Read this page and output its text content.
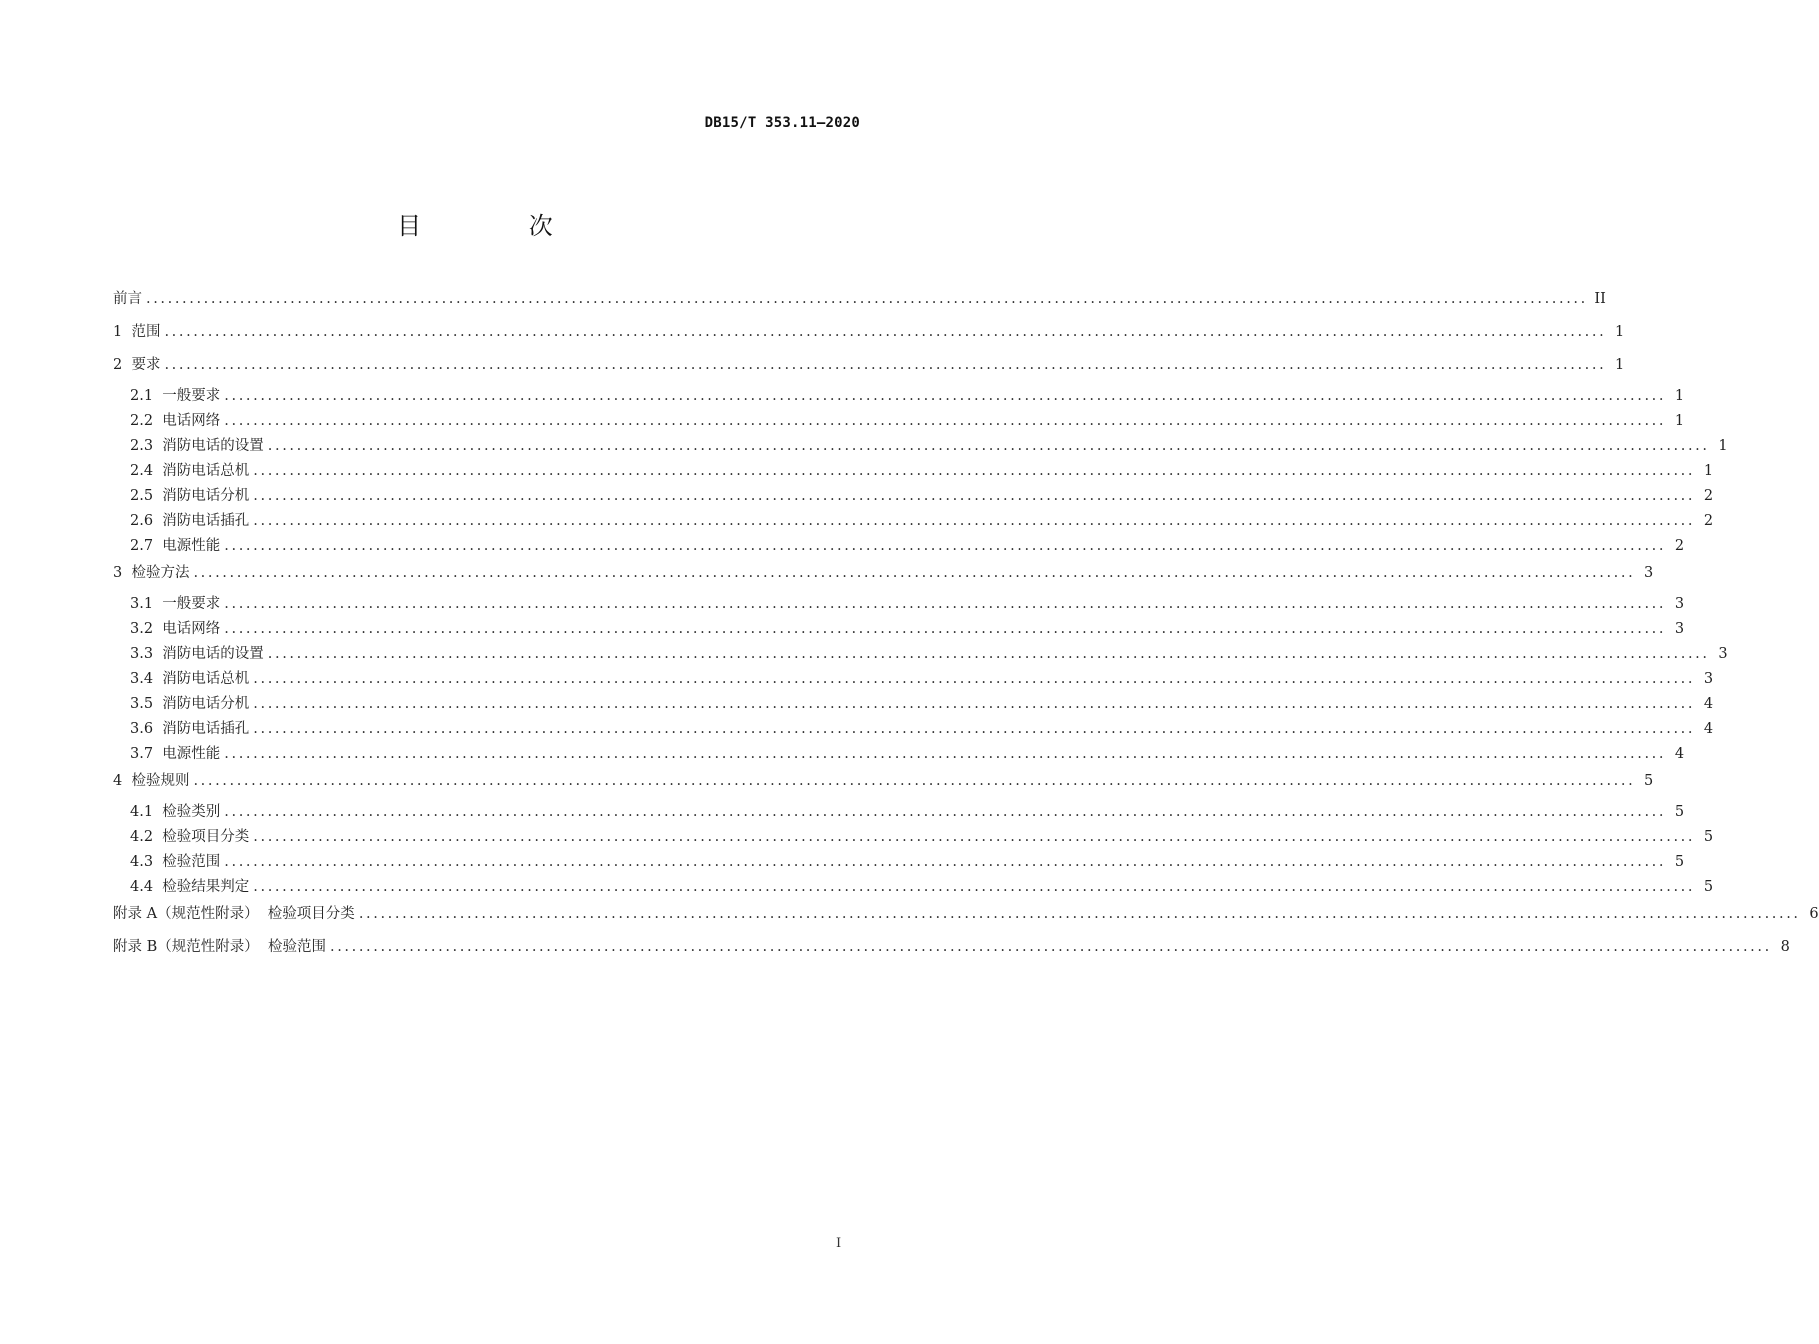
DB15/T 353.11—2020
目 次
前言 ........................................................................................................................................................................................................ II
1  范围 ........................................................................................................................................................................................................ 1
2  要求 ........................................................................................................................................................................................................ 1
2.1  一般要求 ........................................................................................................................................................................................................ 1
2.2  电话网络 ........................................................................................................................................................................................................ 1
2.3  消防电话的设置 ........................................................................................................................................................................................................ 1
2.4  消防电话总机 ........................................................................................................................................................................................................ 1
2.5  消防电话分机 ........................................................................................................................................................................................................ 2
2.6  消防电话插孔 ........................................................................................................................................................................................................ 2
2.7  电源性能 ........................................................................................................................................................................................................ 2
3  检验方法 ........................................................................................................................................................................................................ 3
3.1  一般要求 ........................................................................................................................................................................................................ 3
3.2  电话网络 ........................................................................................................................................................................................................ 3
3.3  消防电话的设置 ........................................................................................................................................................................................................ 3
3.4  消防电话总机 ........................................................................................................................................................................................................ 3
3.5  消防电话分机 ........................................................................................................................................................................................................ 4
3.6  消防电话插孔 ........................................................................................................................................................................................................ 4
3.7  电源性能 ........................................................................................................................................................................................................ 4
4  检验规则 ........................................................................................................................................................................................................ 5
4.1  检验类别 ........................................................................................................................................................................................................ 5
4.2  检验项目分类 ........................................................................................................................................................................................................ 5
4.3  检验范围 ........................................................................................................................................................................................................ 5
4.4  检验结果判定 ........................................................................................................................................................................................................ 5
附录 A（规范性附录）  检验项目分类 ........................................................................................................................................................................................................ 6
附录 B（规范性附录）  检验范围 ........................................................................................................................................................................................................ 8
I
